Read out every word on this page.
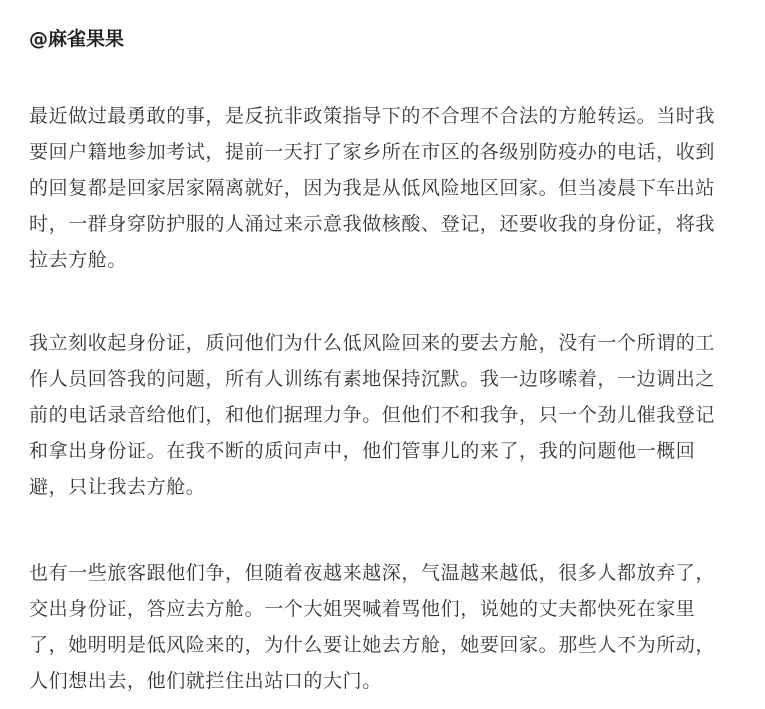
@麻雀果果
最近做过最勇敢的事，是反抗非政策指导下的不合理不合法的方舱转运。当时我
要回户籍地参加考试，提前一天打了家乡所在市区的各级别防疫办的电话，收到
的回复都是回家居家隔离就好，因为我是从低风险地区回家。但当凌晨下车出站
时，一群身穿防护服的人涌过来示意我做核酸、登记，还要收我的身份证，将我
拉去方舱。
我立刻收起身份证，质问他们为什么低风险回来的要去方舱，没有一个所谓的工
作人员回答我的问题，所有人训练有素地保持沉默。我一边哆嗦着，一边调出之
前的电话录音给他们，和他们据理力争。但他们不和我争，只一个劲儿催我登记
和拿出身份证。在我不断的质问声中，他们管事儿的来了，我的问题他一概回
避，只让我去方舱。
也有一些旅客跟他们争，但随着夜越来越深，气温越来越低，很多人都放弃了，
交出身份证，答应去方舱。一个大姐哭喊着骂他们，说她的丈夫都快死在家里
了，她明明是低风险来的，为什么要让她去方舱，她要回家。那些人不为所动，
人们想出去，他们就拦住出站口的大门。
